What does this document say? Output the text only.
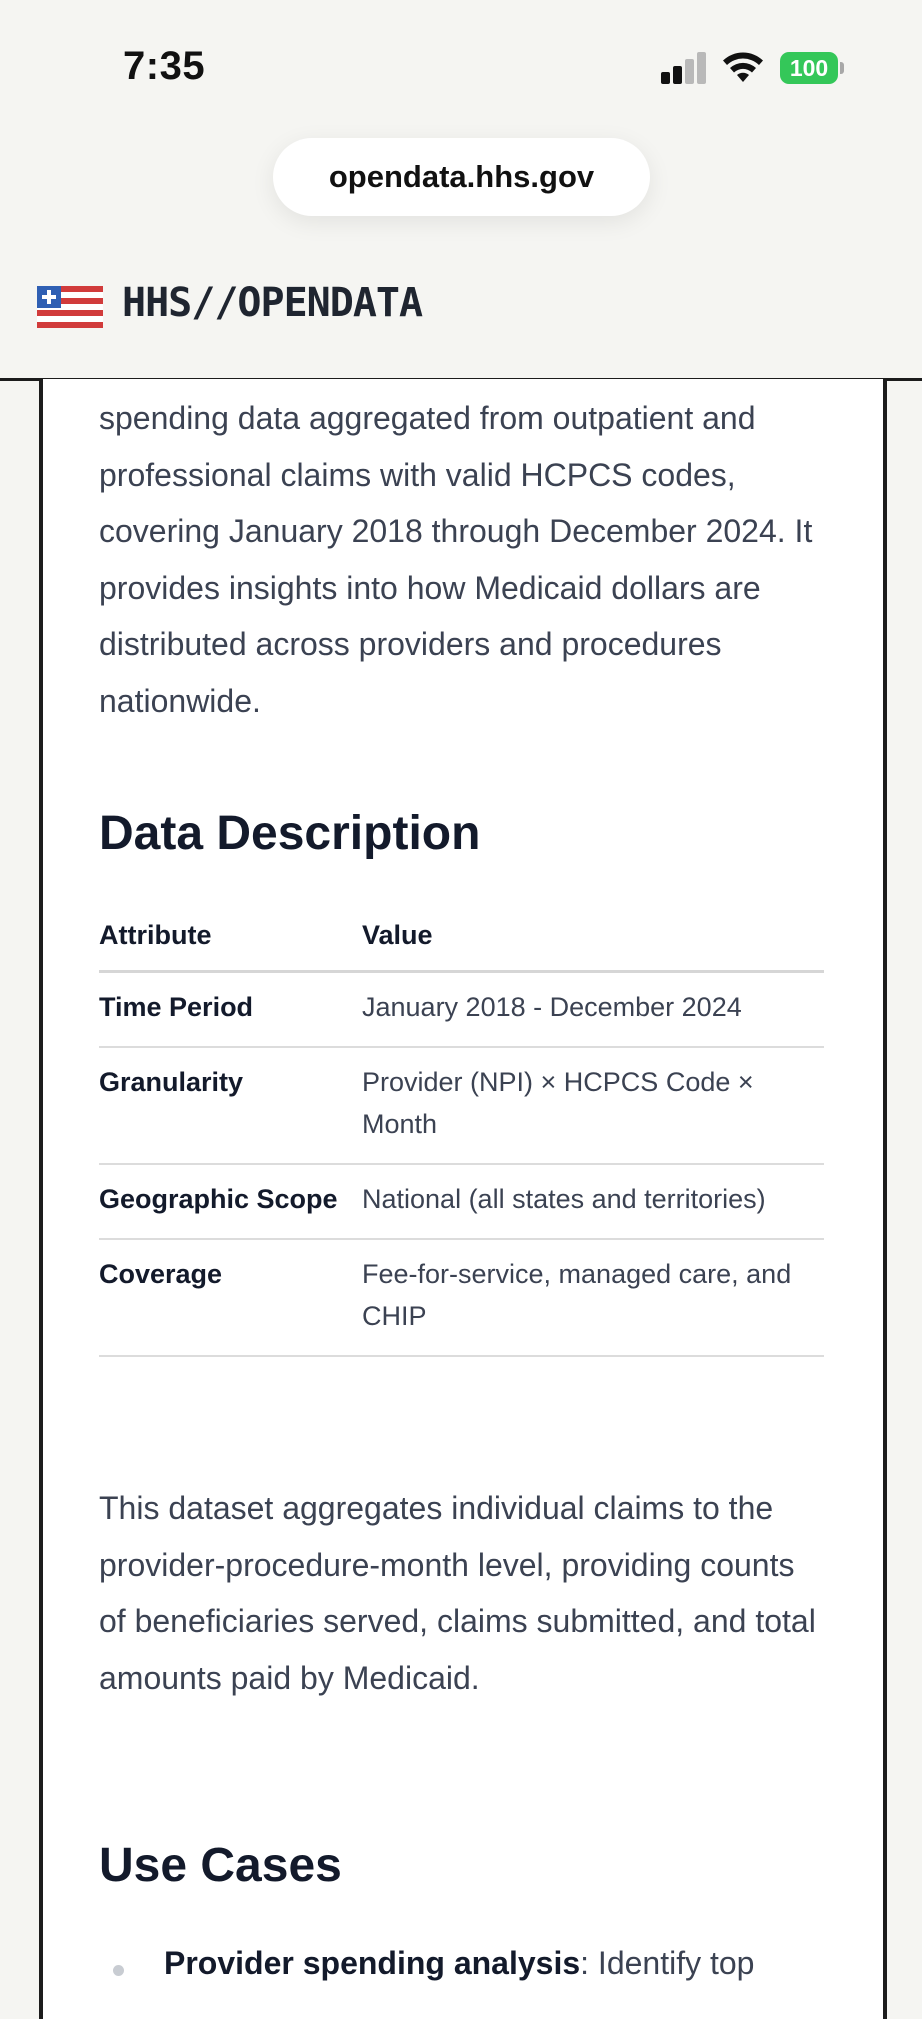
7:35	100
opendata.hhs.gov
HHS//OPENDATA

spending data aggregated from outpatient and professional claims with valid HCPCS codes, covering January 2018 through December 2024. It provides insights into how Medicaid dollars are distributed across providers and procedures nationwide.

Data Description
Attribute	Value
Time Period	January 2018 - December 2024
Granularity	Provider (NPI) × HCPCS Code × Month
Geographic Scope	National (all states and territories)
Coverage	Fee-for-service, managed care, and CHIP

This dataset aggregates individual claims to the provider-procedure-month level, providing counts of beneficiaries served, claims submitted, and total amounts paid by Medicaid.

Use Cases
Provider spending analysis: Identify top
